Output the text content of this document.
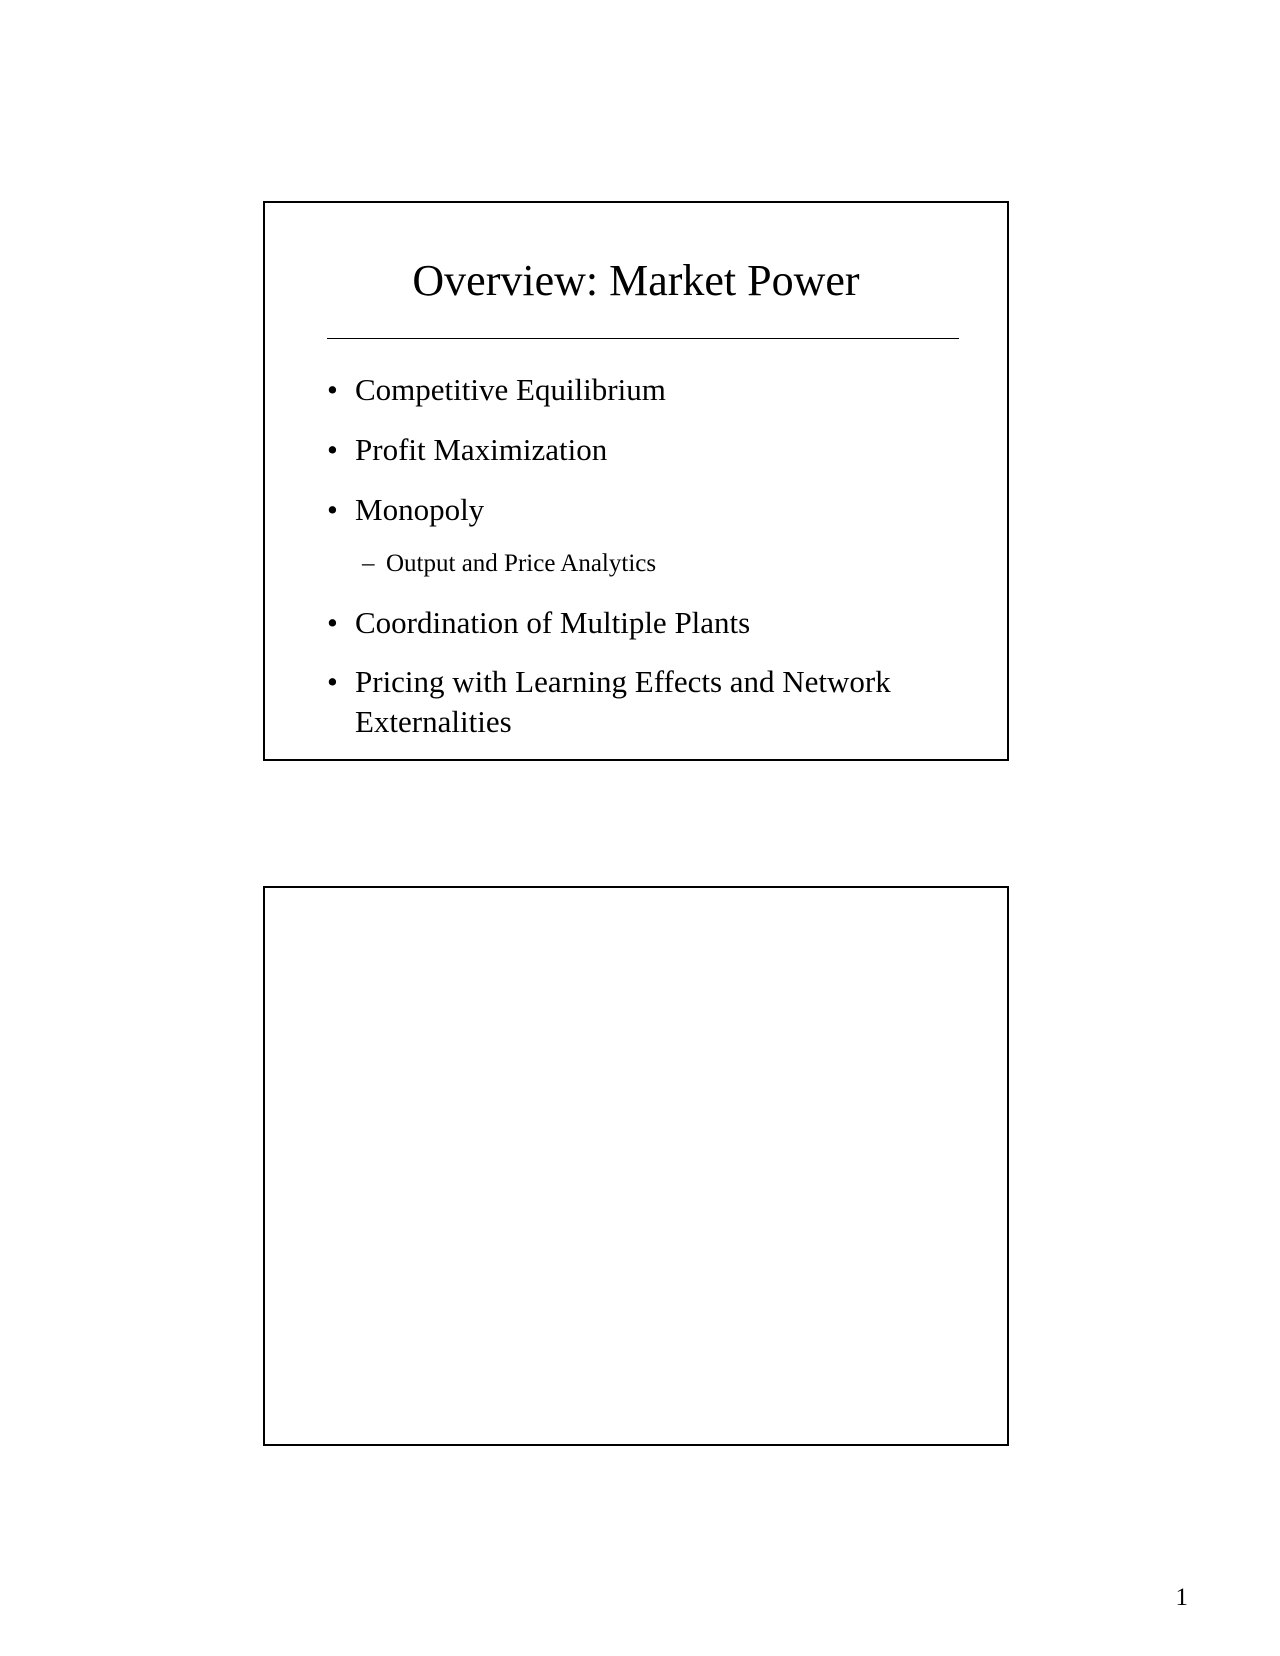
Overview: Market Power
• Competitive Equilibrium
• Profit Maximization
• Monopoly
– Output and Price Analytics
• Coordination of Multiple Plants
• Pricing with Learning Effects and Network Externalities
1
